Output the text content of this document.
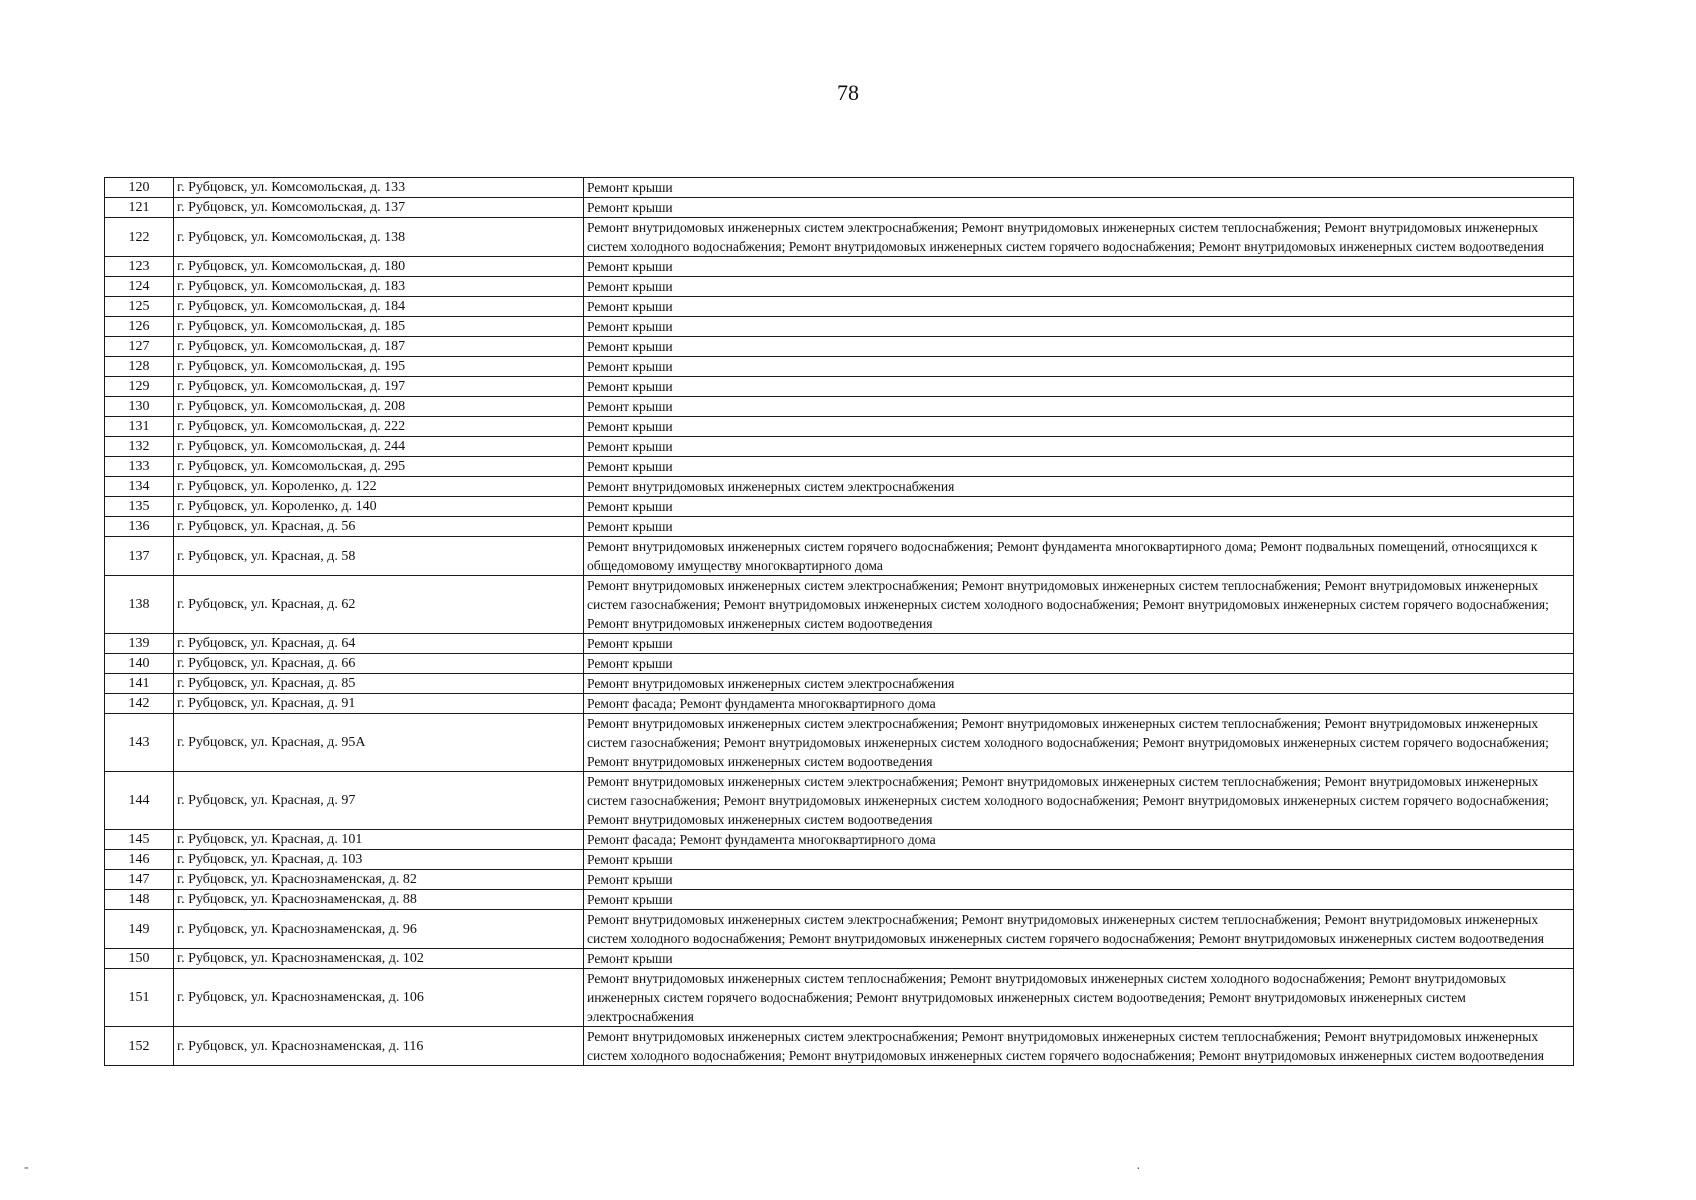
78
120	г. Рубцовск, ул. Комсомольская, д. 133	Ремонт крыши
121	г. Рубцовск, ул. Комсомольская, д. 137	Ремонт крыши
122	г. Рубцовск, ул. Комсомольская, д. 138	Ремонт внутридомовых инженерных систем электроснабжения; Ремонт внутридомовых инженерных систем теплоснабжения; Ремонт внутридомовых инженерных систем холодного водоснабжения; Ремонт внутридомовых инженерных систем горячего водоснабжения; Ремонт внутридомовых инженерных систем водоотведения
123	г. Рубцовск, ул. Комсомольская, д. 180	Ремонт крыши
124	г. Рубцовск, ул. Комсомольская, д. 183	Ремонт крыши
125	г. Рубцовск, ул. Комсомольская, д. 184	Ремонт крыши
126	г. Рубцовск, ул. Комсомольская, д. 185	Ремонт крыши
127	г. Рубцовск, ул. Комсомольская, д. 187	Ремонт крыши
128	г. Рубцовск, ул. Комсомольская, д. 195	Ремонт крыши
129	г. Рубцовск, ул. Комсомольская, д. 197	Ремонт крыши
130	г. Рубцовск, ул. Комсомольская, д. 208	Ремонт крыши
131	г. Рубцовск, ул. Комсомольская, д. 222	Ремонт крыши
132	г. Рубцовск, ул. Комсомольская, д. 244	Ремонт крыши
133	г. Рубцовск, ул. Комсомольская, д. 295	Ремонт крыши
134	г. Рубцовск, ул. Короленко, д. 122	Ремонт внутридомовых инженерных систем электроснабжения
135	г. Рубцовск, ул. Короленко, д. 140	Ремонт крыши
136	г. Рубцовск, ул. Красная, д. 56	Ремонт крыши
137	г. Рубцовск, ул. Красная, д. 58	Ремонт внутридомовых инженерных систем горячего водоснабжения; Ремонт фундамента многоквартирного дома; Ремонт подвальных помещений, относящихся к общедомовому имуществу многоквартирного дома
138	г. Рубцовск, ул. Красная, д. 62	Ремонт внутридомовых инженерных систем электроснабжения; Ремонт внутридомовых инженерных систем теплоснабжения; Ремонт внутридомовых инженерных систем газоснабжения; Ремонт внутридомовых инженерных систем холодного водоснабжения; Ремонт внутридомовых инженерных систем горячего водоснабжения; Ремонт внутридомовых инженерных систем водоотведения
139	г. Рубцовск, ул. Красная, д. 64	Ремонт крыши
140	г. Рубцовск, ул. Красная, д. 66	Ремонт крыши
141	г. Рубцовск, ул. Красная, д. 85	Ремонт внутридомовых инженерных систем электроснабжения
142	г. Рубцовск, ул. Красная, д. 91	Ремонт фасада; Ремонт фундамента многоквартирного дома
143	г. Рубцовск, ул. Красная, д. 95А	Ремонт внутридомовых инженерных систем электроснабжения; Ремонт внутридомовых инженерных систем теплоснабжения; Ремонт внутридомовых инженерных систем газоснабжения; Ремонт внутридомовых инженерных систем холодного водоснабжения; Ремонт внутридомовых инженерных систем горячего водоснабжения; Ремонт внутридомовых инженерных систем водоотведения
144	г. Рубцовск, ул. Красная, д. 97	Ремонт внутридомовых инженерных систем электроснабжения; Ремонт внутридомовых инженерных систем теплоснабжения; Ремонт внутридомовых инженерных систем газоснабжения; Ремонт внутридомовых инженерных систем холодного водоснабжения; Ремонт внутридомовых инженерных систем горячего водоснабжения; Ремонт внутридомовых инженерных систем водоотведения
145	г. Рубцовск, ул. Красная, д. 101	Ремонт фасада; Ремонт фундамента многоквартирного дома
146	г. Рубцовск, ул. Красная, д. 103	Ремонт крыши
147	г. Рубцовск, ул. Краснознаменская, д. 82	Ремонт крыши
148	г. Рубцовск, ул. Краснознаменская, д. 88	Ремонт крыши
149	г. Рубцовск, ул. Краснознаменская, д. 96	Ремонт внутридомовых инженерных систем электроснабжения; Ремонт внутридомовых инженерных систем теплоснабжения; Ремонт внутридомовых инженерных систем холодного водоснабжения; Ремонт внутридомовых инженерных систем горячего водоснабжения; Ремонт внутридомовых инженерных систем водоотведения
150	г. Рубцовск, ул. Краснознаменская, д. 102	Ремонт крыши
151	г. Рубцовск, ул. Краснознаменская, д. 106	Ремонт внутридомовых инженерных систем теплоснабжения; Ремонт внутридомовых инженерных систем холодного водоснабжения; Ремонт внутридомовых инженерных систем горячего водоснабжения; Ремонт внутридомовых инженерных систем водоотведения; Ремонт внутридомовых инженерных систем электроснабжения
152	г. Рубцовск, ул. Краснознаменская, д. 116	Ремонт внутридомовых инженерных систем электроснабжения; Ремонт внутридомовых инженерных систем теплоснабжения; Ремонт внутридомовых инженерных систем холодного водоснабжения; Ремонт внутридомовых инженерных систем горячего водоснабжения; Ремонт внутридомовых инженерных систем водоотведения
‑	·
